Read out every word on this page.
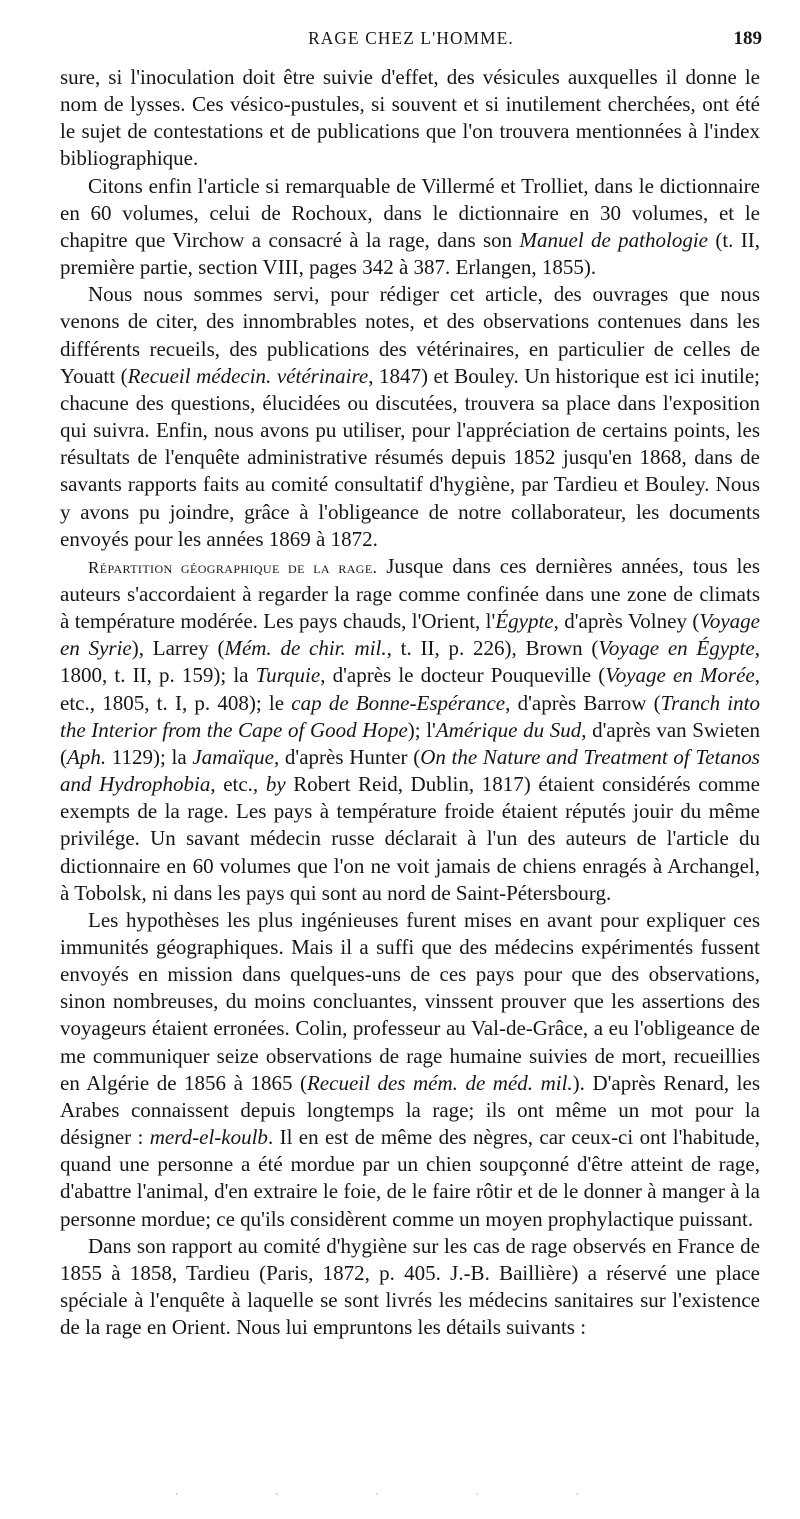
RAGE CHEZ L'HOMME.	189

sure, si l'inoculation doit être suivie d'effet, des vésicules auxquelles il donne le nom de lysses. Ces vésico-pustules, si souvent et si inutilement cherchées, ont été le sujet de contestations et de publications que l'on trouvera mentionnées à l'index bibliographique.

Citons enfin l'article si remarquable de Villermé et Trolliet, dans le dictionnaire en 60 volumes, celui de Rochoux, dans le dictionnaire en 30 volumes, et le chapitre que Virchow a consacré à la rage, dans son Manuel de pathologie (t. II, première partie, section VIII, pages 342 à 387. Erlangen, 1855).

Nous nous sommes servi, pour rédiger cet article, des ouvrages que nous venons de citer, des innombrables notes, et des observations contenues dans les différents recueils, des publications des vétérinaires, en particulier de celles de Youatt (Recueil médecin. vétérinaire, 1847) et Bouley. Un historique est ici inutile; chacune des questions, élucidées ou discutées, trouvera sa place dans l'exposition qui suivra. Enfin, nous avons pu utiliser, pour l'appréciation de certains points, les résultats de l'enquête administrative résumés depuis 1852 jusqu'en 1868, dans de savants rapports faits au comité consultatif d'hygiène, par Tardieu et Bouley. Nous y avons pu joindre, grâce à l'obligeance de notre collaborateur, les documents envoyés pour les années 1869 à 1872.

Répartition géographique de la rage. Jusque dans ces dernières années, tous les auteurs s'accordaient à regarder la rage comme confinée dans une zone de climats à température modérée. Les pays chauds, l'Orient, l'Égypte, d'après Volney (Voyage en Syrie), Larrey (Mém. de chir. mil., t. II, p. 226), Brown (Voyage en Égypte, 1800, t. II, p. 159); la Turquie, d'après le docteur Pouqueville (Voyage en Morée, etc., 1805, t. I, p. 408); le cap de Bonne-Espérance, d'après Barrow (Tranch into the Interior from the Cape of Good Hope); l'Amérique du Sud, d'après van Swieten (Aph. 1129); la Jamaïque, d'après Hunter (On the Nature and Treatment of Tetanos and Hydrophobia, etc., by Robert Reid, Dublin, 1817) étaient considérés comme exempts de la rage. Les pays à température froide étaient réputés jouir du même privilége. Un savant médecin russe déclarait à l'un des auteurs de l'article du dictionnaire en 60 volumes que l'on ne voit jamais de chiens enragés à Archangel, à Tobolsk, ni dans les pays qui sont au nord de Saint-Pétersbourg.

Les hypothèses les plus ingénieuses furent mises en avant pour expliquer ces immunités géographiques. Mais il a suffi que des médecins expérimentés fussent envoyés en mission dans quelques-uns de ces pays pour que des observations, sinon nombreuses, du moins concluantes, vinssent prouver que les assertions des voyageurs étaient erronées. Colin, professeur au Val-de-Grâce, a eu l'obligeance de me communiquer seize observations de rage humaine suivies de mort, recueillies en Algérie de 1856 à 1865 (Recueil des mém. de méd. mil.). D'après Renard, les Arabes connaissent depuis longtemps la rage; ils ont même un mot pour la désigner : merd-el-koulb. Il en est de même des nègres, car ceux-ci ont l'habitude, quand une personne a été mordue par un chien soupçonné d'être atteint de rage, d'abattre l'animal, d'en extraire le foie, de le faire rôtir et de le donner à manger à la personne mordue; ce qu'ils considèrent comme un moyen prophylactique puissant.

Dans son rapport au comité d'hygiène sur les cas de rage observés en France de 1855 à 1858, Tardieu (Paris, 1872, p. 405. J.-B. Baillière) a réservé une place spéciale à l'enquête à laquelle se sont livrés les médecins sanitaires sur l'existence de la rage en Orient. Nous lui empruntons les détails suivants :

· · · · ·
